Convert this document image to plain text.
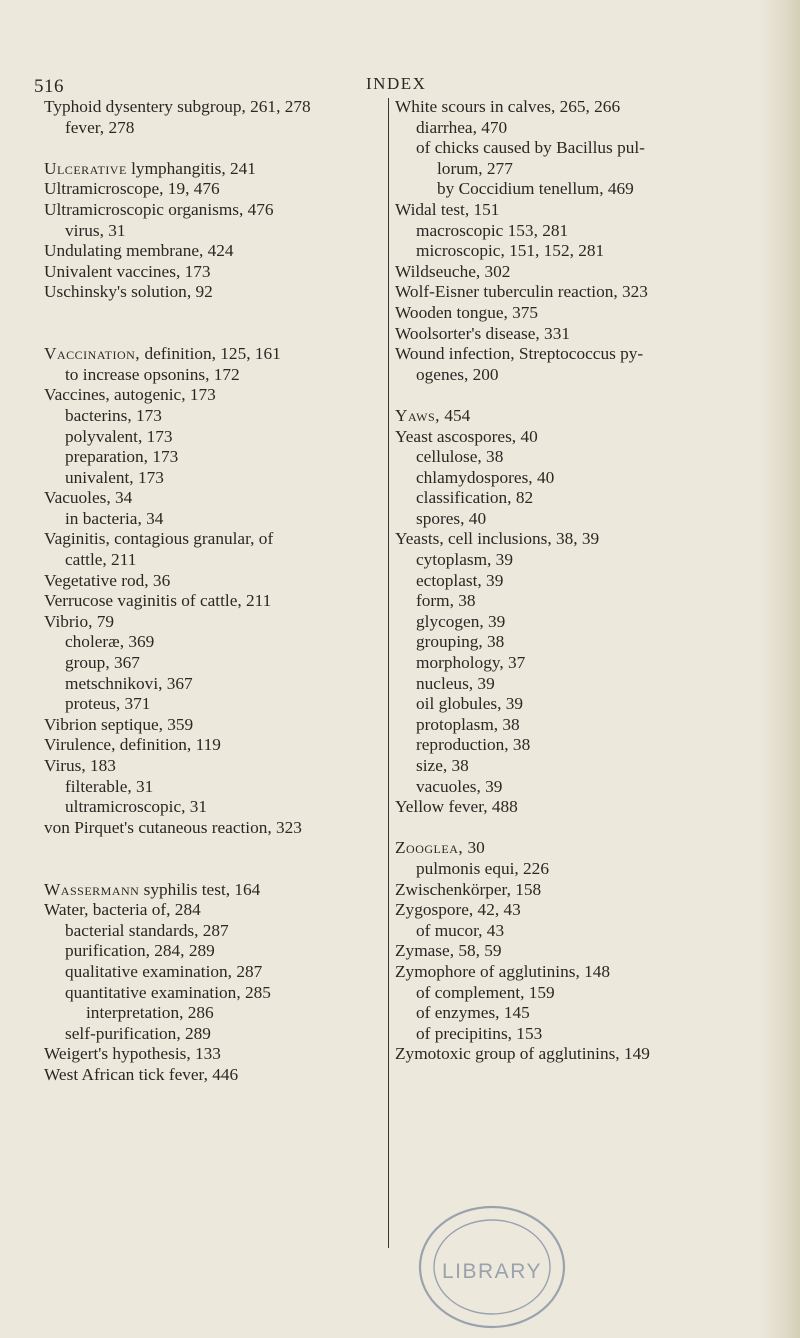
516	INDEX
Typhoid dysentery subgroup, 261, 278
fever, 278
Ulcerative lymphangitis, 241
Ultramicroscope, 19, 476
Ultramicroscopic organisms, 476
virus, 31
Undulating membrane, 424
Univalent vaccines, 173
Uschinsky's solution, 92
Vaccination, definition, 125, 161
to increase opsonins, 172
Vaccines, autogenic, 173
bacterins, 173
polyvalent, 173
preparation, 173
univalent, 173
Vacuoles, 34
in bacteria, 34
Vaginitis, contagious granular, of
cattle, 211
Vegetative rod, 36
Verrucose vaginitis of cattle, 211
Vibrio, 79
choleræ, 369
group, 367
metschnikovi, 367
proteus, 371
Vibrion septique, 359
Virulence, definition, 119
Virus, 183
filterable, 31
ultramicroscopic, 31
von Pirquet's cutaneous reaction, 323
Wassermann syphilis test, 164
Water, bacteria of, 284
bacterial standards, 287
purification, 284, 289
qualitative examination, 287
quantitative examination, 285
interpretation, 286
self-purification, 289
Weigert's hypothesis, 133
West African tick fever, 446
White scours in calves, 265, 266
diarrhea, 470
of chicks caused by Bacillus pul-
lorum, 277
by Coccidium tenellum, 469
Widal test, 151
macroscopic 153, 281
microscopic, 151, 152, 281
Wildseuche, 302
Wolf-Eisner tuberculin reaction, 323
Wooden tongue, 375
Woolsorter's disease, 331
Wound infection, Streptococcus py-
ogenes, 200
Yaws, 454
Yeast ascospores, 40
cellulose, 38
chlamydospores, 40
classification, 82
spores, 40
Yeasts, cell inclusions, 38, 39
cytoplasm, 39
ectoplast, 39
form, 38
glycogen, 39
grouping, 38
morphology, 37
nucleus, 39
oil globules, 39
protoplasm, 38
reproduction, 38
size, 38
vacuoles, 39
Yellow fever, 488
Zooglea, 30
pulmonis equi, 226
Zwischenkörper, 158
Zygospore, 42, 43
of mucor, 43
Zymase, 58, 59
Zymophore of agglutinins, 148
of complement, 159
of enzymes, 145
of precipitins, 153
Zymotoxic group of agglutinins, 149
LIBRARY
